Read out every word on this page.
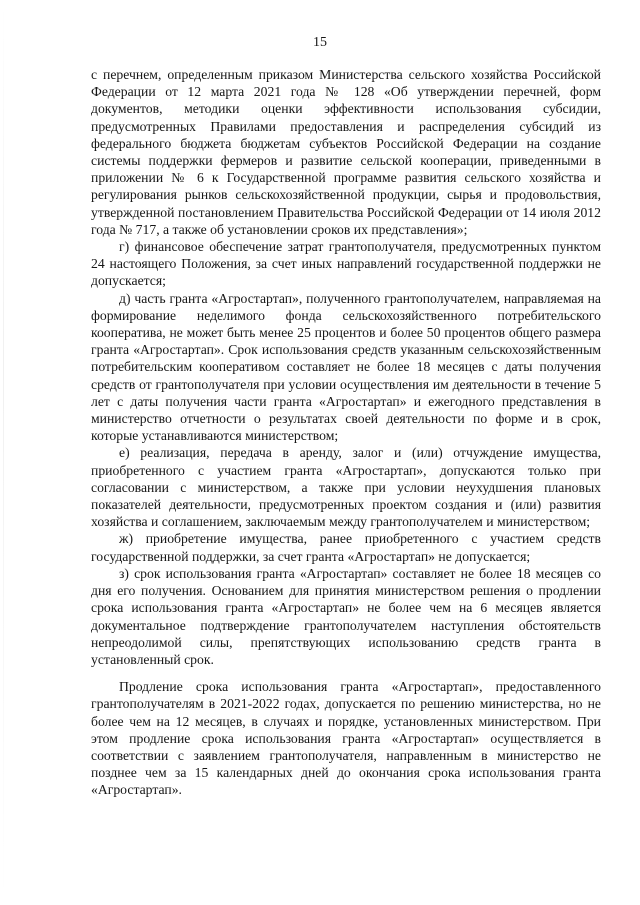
15

с перечнем, определенным приказом Министерства сельского хозяйства Российской Федерации от 12 марта 2021 года № 128 «Об утверждении перечней, форм документов, методики оценки эффективности использования субсидии, предусмотренных Правилами предоставления и распределения субсидий из федерального бюджета бюджетам субъектов Российской Федерации на создание системы поддержки фермеров и развитие сельской кооперации, приведенными в приложении № 6 к Государственной программе развития сельского хозяйства и регулирования рынков сельскохозяйственной продукции, сырья и продовольствия, утвержденной постановлением Правительства Российской Федерации от 14 июля 2012 года № 717, а также об установлении сроков их представления»;

г) финансовое обеспечение затрат грантополучателя, предусмотренных пунктом 24 настоящего Положения, за счет иных направлений государственной поддержки не допускается;

д) часть гранта «Агростартап», полученного грантополучателем, направляемая на формирование неделимого фонда сельскохозяйственного потребительского кооператива, не может быть менее 25 процентов и более 50 процентов общего размера гранта «Агростартап». Срок использования средств указанным сельскохозяйственным потребительским кооперативом составляет не более 18 месяцев с даты получения средств от грантополучателя при условии осуществления им деятельности в течение 5 лет с даты получения части гранта «Агростартап» и ежегодного представления в министерство отчетности о результатах своей деятельности по форме и в срок, которые устанавливаются министерством;

е) реализация, передача в аренду, залог и (или) отчуждение имущества, приобретенного с участием гранта «Агростартап», допускаются только при согласовании с министерством, а также при условии неухудшения плановых показателей деятельности, предусмотренных проектом создания и (или) развития хозяйства и соглашением, заключаемым между грантополучателем и министерством;

ж) приобретение имущества, ранее приобретенного с участием средств государственной поддержки, за счет гранта «Агростартап» не допускается;

з) срок использования гранта «Агростартап» составляет не более 18 месяцев со дня его получения. Основанием для принятия министерством решения о продлении срока использования гранта «Агростартап» не более чем на 6 месяцев является документальное подтверждение грантополучателем наступления обстоятельств непреодолимой силы, препятствующих использованию средств гранта в установленный срок.

Продление срока использования гранта «Агростартап», предоставленного грантополучателям в 2021-2022 годах, допускается по решению министерства, но не более чем на 12 месяцев, в случаях и порядке, установленных министерством. При этом продление срока использования гранта «Агростартап» осуществляется в соответствии с заявлением грантополучателя, направленным в министерство не позднее чем за 15 календарных дней до окончания срока использования гранта «Агростартап».
